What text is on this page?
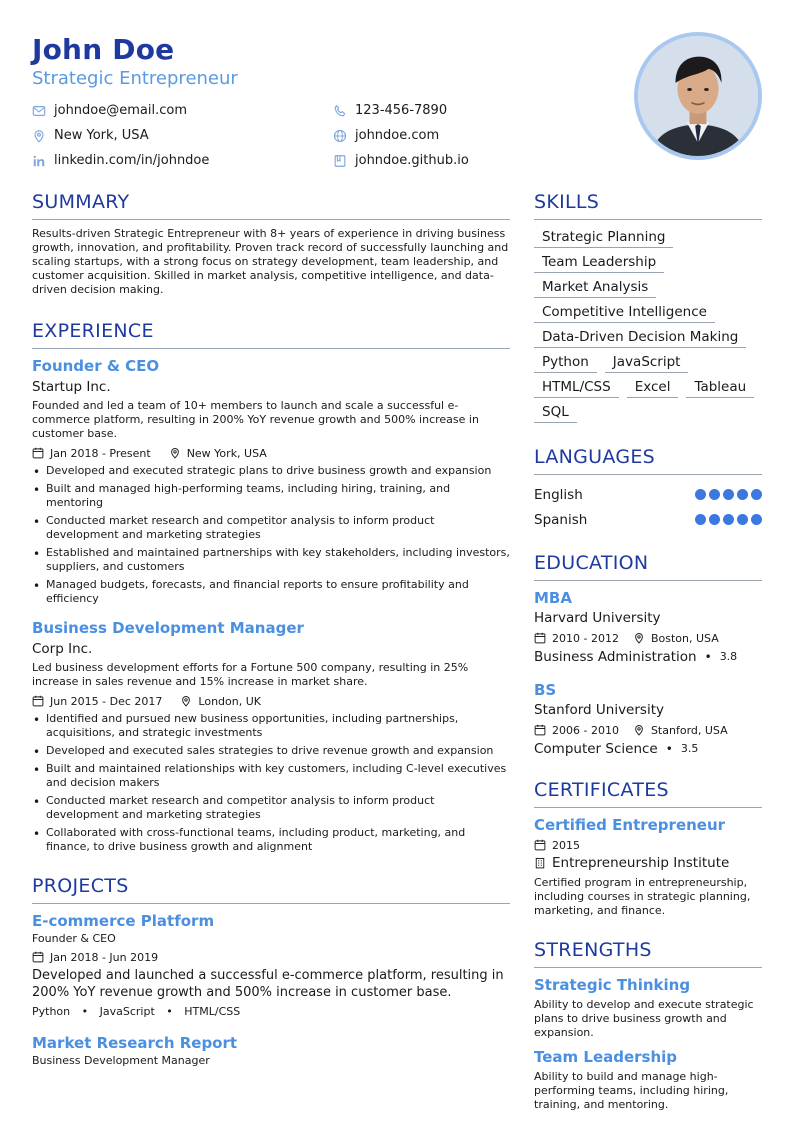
John Doe
Strategic Entrepreneur
johndoe@email.com	123-456-7890
New York, USA	johndoe.com
linkedin.com/in/johndoe	johndoe.github.io
SUMMARY
Results-driven Strategic Entrepreneur with 8+ years of experience in driving business growth, innovation, and profitability. Proven track record of successfully launching and scaling startups, with a strong focus on strategy development, team leadership, and customer acquisition. Skilled in market analysis, competitive intelligence, and data-driven decision making.
EXPERIENCE
Founder & CEO
Startup Inc.
Founded and led a team of 10+ members to launch and scale a successful e-commerce platform, resulting in 200% YoY revenue growth and 500% increase in customer base.
Jan 2018 - Present	New York, USA
• Developed and executed strategic plans to drive business growth and expansion
• Built and managed high-performing teams, including hiring, training, and mentoring
• Conducted market research and competitor analysis to inform product development and marketing strategies
• Established and maintained partnerships with key stakeholders, including investors, suppliers, and customers
• Managed budgets, forecasts, and financial reports to ensure profitability and efficiency
Business Development Manager
Corp Inc.
Led business development efforts for a Fortune 500 company, resulting in 25% increase in sales revenue and 15% increase in market share.
Jun 2015 - Dec 2017	London, UK
• Identified and pursued new business opportunities, including partnerships, acquisitions, and strategic investments
• Developed and executed sales strategies to drive revenue growth and expansion
• Built and maintained relationships with key customers, including C-level executives and decision makers
• Conducted market research and competitor analysis to inform product development and marketing strategies
• Collaborated with cross-functional teams, including product, marketing, and finance, to drive business growth and alignment
PROJECTS
E-commerce Platform
Founder & CEO
Jan 2018 - Jun 2019
Developed and launched a successful e-commerce platform, resulting in 200% YoY revenue growth and 500% increase in customer base.
Python • JavaScript • HTML/CSS
Market Research Report
Business Development Manager
SKILLS
Strategic Planning
Team Leadership
Market Analysis
Competitive Intelligence
Data-Driven Decision Making
Python	JavaScript
HTML/CSS	Excel	Tableau
SQL
LANGUAGES
English
Spanish
EDUCATION
MBA
Harvard University
2010 - 2012	Boston, USA
Business Administration • 3.8
BS
Stanford University
2006 - 2010	Stanford, USA
Computer Science • 3.5
CERTIFICATES
Certified Entrepreneur
2015
Entrepreneurship Institute
Certified program in entrepreneurship, including courses in strategic planning, marketing, and finance.
STRENGTHS
Strategic Thinking
Ability to develop and execute strategic plans to drive business growth and expansion.
Team Leadership
Ability to build and manage high-performing teams, including hiring, training, and mentoring.
